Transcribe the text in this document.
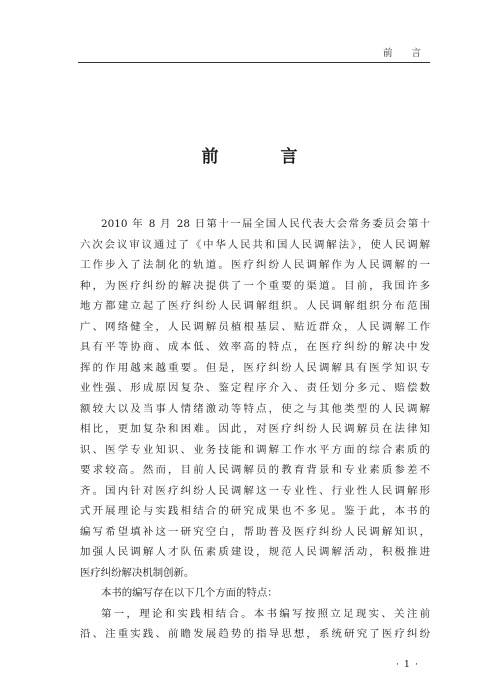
前 言
前 言
2010 年 8 月 28 日第十一届全国人民代表大会常务委员会第十
六次会议审议通过了《中华人民共和国人民调解法》，使人民调解
工作步入了法制化的轨道。医疗纠纷人民调解作为人民调解的一
种，为医疗纠纷的解决提供了一个重要的渠道。目前，我国许多
地方都建立起了医疗纠纷人民调解组织。人民调解组织分布范围
广、网络健全，人民调解员植根基层、贴近群众，人民调解工作
具有平等协商、成本低、效率高的特点，在医疗纠纷的解决中发
挥的作用越来越重要。但是，医疗纠纷人民调解具有医学知识专
业性强、形成原因复杂、鉴定程序介入、责任划分多元、赔偿数
额较大以及当事人情绪激动等特点，使之与其他类型的人民调解
相比，更加复杂和困难。因此，对医疗纠纷人民调解员在法律知
识、医学专业知识、业务技能和调解工作水平方面的综合素质的
要求较高。然而，目前人民调解员的教育背景和专业素质参差不
齐。国内针对医疗纠纷人民调解这一专业性、行业性人民调解形
式开展理论与实践相结合的研究成果也不多见。鉴于此，本书的
编写希望填补这一研究空白，帮助普及医疗纠纷人民调解知识，
加强人民调解人才队伍素质建设，规范人民调解活动，积极推进
医疗纠纷解决机制创新。
本书的编写存在以下几个方面的特点：
第一，理论和实践相结合。本书编写按照立足现实、关注前
沿、注重实践、前瞻发展趋势的指导思想，系统研究了医疗纠纷
· 1 ·
